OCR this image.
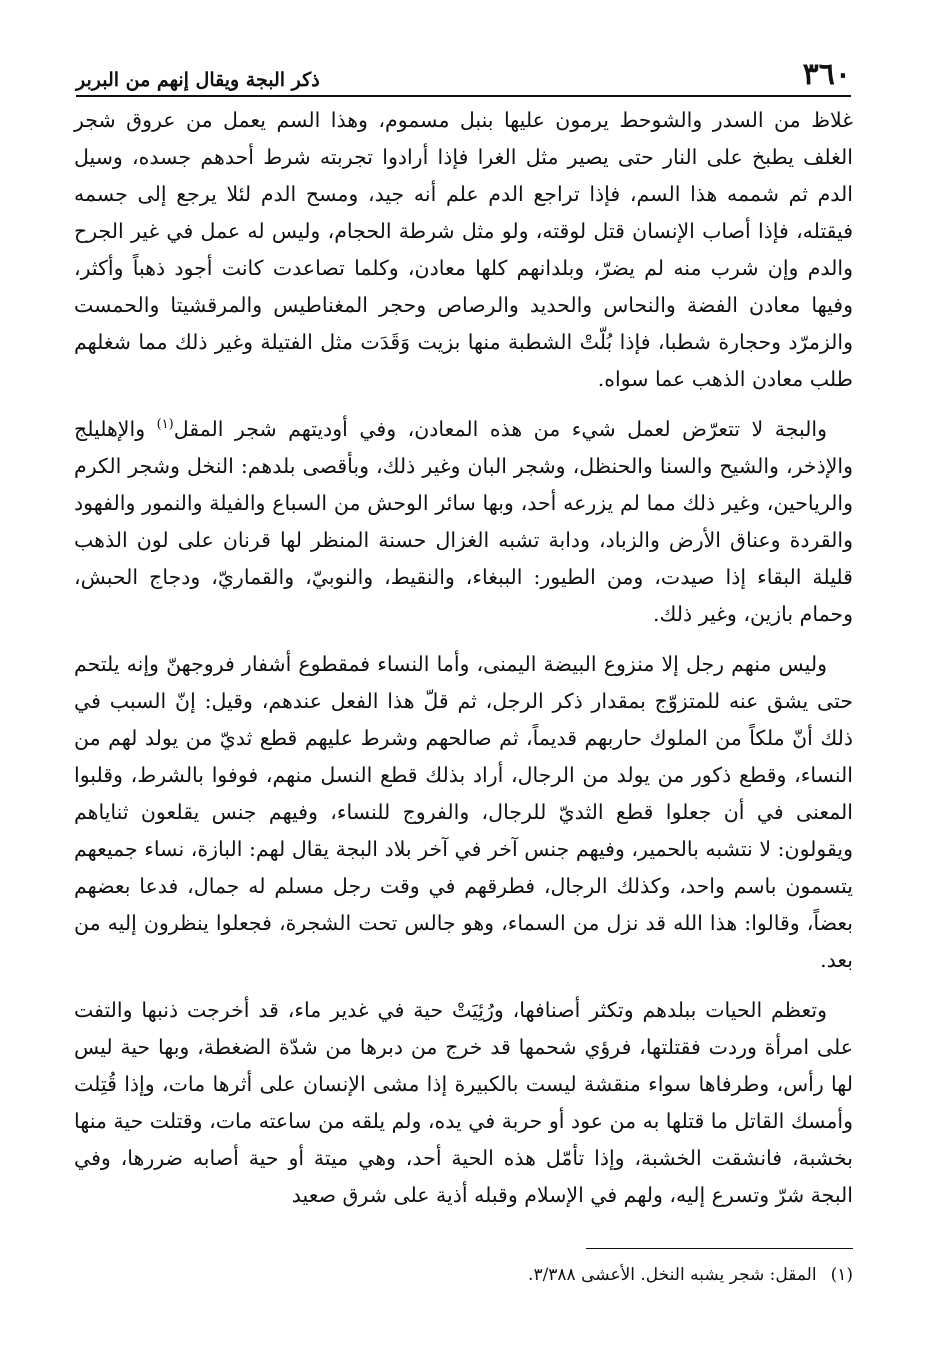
٣٦٠
ذكر البجة ويقال إنهم من البربر

غلاظ من السدر والشوحط يرمون عليها بنبل مسموم، وهذا السم يعمل من عروق شجر الغلف يطبخ على النار حتى يصير مثل الغرا فإذا أرادوا تجربته شرط أحدهم جسده، وسيل الدم ثم شممه هذا السم، فإذا تراجع الدم علم أنه جيد، ومسح الدم لئلا يرجع إلى جسمه فيقتله، فإذا أصاب الإنسان قتل لوقته، ولو مثل شرطة الحجام، وليس له عمل في غير الجرح والدم وإن شرب منه لم يضرّ، وبلدانهم كلها معادن، وكلما تصاعدت كانت أجود ذهباً وأكثر، وفيها معادن الفضة والنحاس والحديد والرصاص وحجر المغناطيس والمرقشيتا والحمست والزمرّد وحجارة شطبا، فإذا بُلّتْ الشطبة منها بزيت وَقَدَت مثل الفتيلة وغير ذلك مما شغلهم طلب معادن الذهب عما سواه.

والبجة لا تتعرّض لعمل شيء من هذه المعادن، وفي أوديتهم شجر المقل$^{(١)}$ والإهليلج والإذخر، والشيح والسنا والحنظل، وشجر البان وغير ذلك، وبأقصى بلدهم: النخل وشجر الكرم والرياحين، وغير ذلك مما لم يزرعه أحد، وبها سائر الوحش من السباع والفيلة والنمور والفهود والقردة وعناق الأرض والزباد، ودابة تشبه الغزال حسنة المنظر لها قرنان على لون الذهب قليلة البقاء إذا صيدت، ومن الطيور: الببغاء، والنقيط، والنوبيّ، والقماريّ، ودجاج الحبش، وحمام بازين، وغير ذلك.

وليس منهم رجل إلا منزوع البيضة اليمنى، وأما النساء فمقطوع أشفار فروجهنّ وإنه يلتحم حتى يشق عنه للمتزوّج بمقدار ذكر الرجل، ثم قلّ هذا الفعل عندهم، وقيل: إنّ السبب في ذلك أنّ ملكاً من الملوك حاربهم قديماً، ثم صالحهم وشرط عليهم قطع ثديّ من يولد لهم من النساء، وقطع ذكور من يولد من الرجال، أراد بذلك قطع النسل منهم، فوفوا بالشرط، وقلبوا المعنى في أن جعلوا قطع الثديّ للرجال، والفروج للنساء، وفيهم جنس يقلعون ثناياهم ويقولون: لا نتشبه بالحمير، وفيهم جنس آخر في آخر بلاد البجة يقال لهم: البازة، نساء جميعهم يتسمون باسم واحد، وكذلك الرجال، فطرقهم في وقت رجل مسلم له جمال، فدعا بعضهم بعضاً، وقالوا: هذا الله قد نزل من السماء، وهو جالس تحت الشجرة، فجعلوا ينظرون إليه من بعد.

وتعظم الحيات ببلدهم وتكثر أصنافها، ورُئِيَتْ حية في غدير ماء، قد أخرجت ذنبها والتفت على امرأة وردت فقتلتها، فرؤي شحمها قد خرج من دبرها من شدّة الضغطة، وبها حية ليس لها رأس، وطرفاها سواء منقشة ليست بالكبيرة إذا مشى الإنسان على أثرها مات، وإذا قُتِلت وأمسك القاتل ما قتلها به من عود أو حربة في يده، ولم يلقه من ساعته مات، وقتلت حية منها بخشبة، فانشقت الخشبة، وإذا تأمّل هذه الحية أحد، وهي ميتة أو حية أصابه ضررها، وفي البجة شرّ وتسرع إليه، ولهم في الإسلام وقبله أذية على شرق صعيد

(١)المقل: شجر يشبه النخل. الأعشى ٣/٣٨٨.
